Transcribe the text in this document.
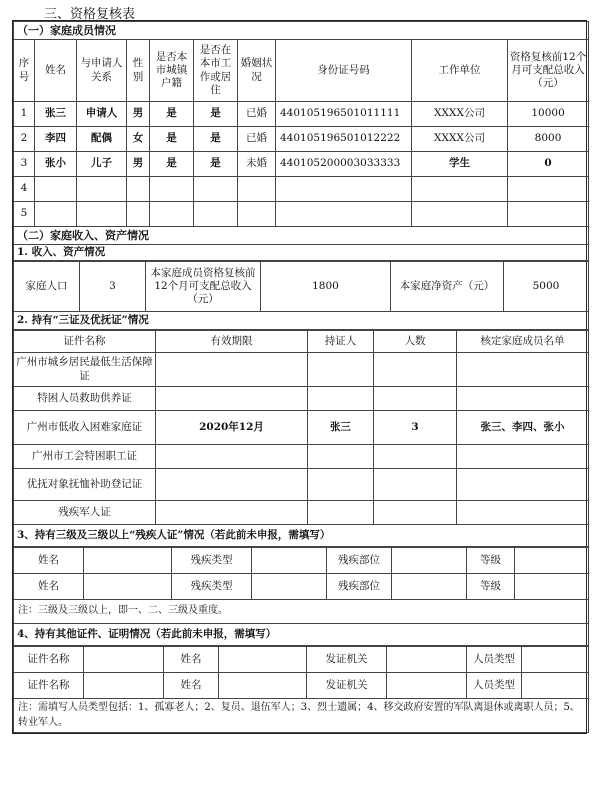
三、资格复核表
（一）家庭成员情况									
序号	姓名	与申请人关系	性别	是否本市城镇户籍	是否在本市工作或居住	婚姻状况	身份证号码	工作单位	资格复核前12个月可支配总收入（元）
1	张三	申请人	男	是	是	已婚	440105196501011111	XXXX公司	10000
2	李四	配偶	女	是	是	已婚	440105196501012222	XXXX公司	8000
3	张小	儿子	男	是	是	未婚	440105200003033333	学生	0
4									
5									
（二）家庭收入、资产情况									
1. 收入、资产情况									
家庭人口	3	本家庭成员资格复核前12个月可支配总收入（元）	1800	本家庭净资产（元）	5000
2. 持有“三证及优抚证”情况
证件名称	有效期限	持证人	人数	核定家庭成员名单
广州市城乡居民最低生活保障证				
特困人员救助供养证				
广州市低收入困难家庭证	2020年12月	张三	3	张三、李四、张小
广州市工会特困职工证				
优抚对象抚恤补助登记证				
残疾军人证				
3、持有三级及三级以上“残疾人证”情况（若此前未申报，需填写）				
姓名		残疾类型		残疾部位		等级	
姓名		残疾类型		残疾部位		等级	
注：三级及三级以上，即一、二、三级及重度。							
4、持有其他证件、证明情况（若此前未申报，需填写）							
证件名称		姓名		发证机关		人员类型	
证件名称		姓名		发证机关		人员类型	
注：需填写人员类型包括：1、孤寡老人；2、复员、退伍军人；3、烈士遗属；4、移交政府安置的军队离退休或离职人员；5、转业军人。							
